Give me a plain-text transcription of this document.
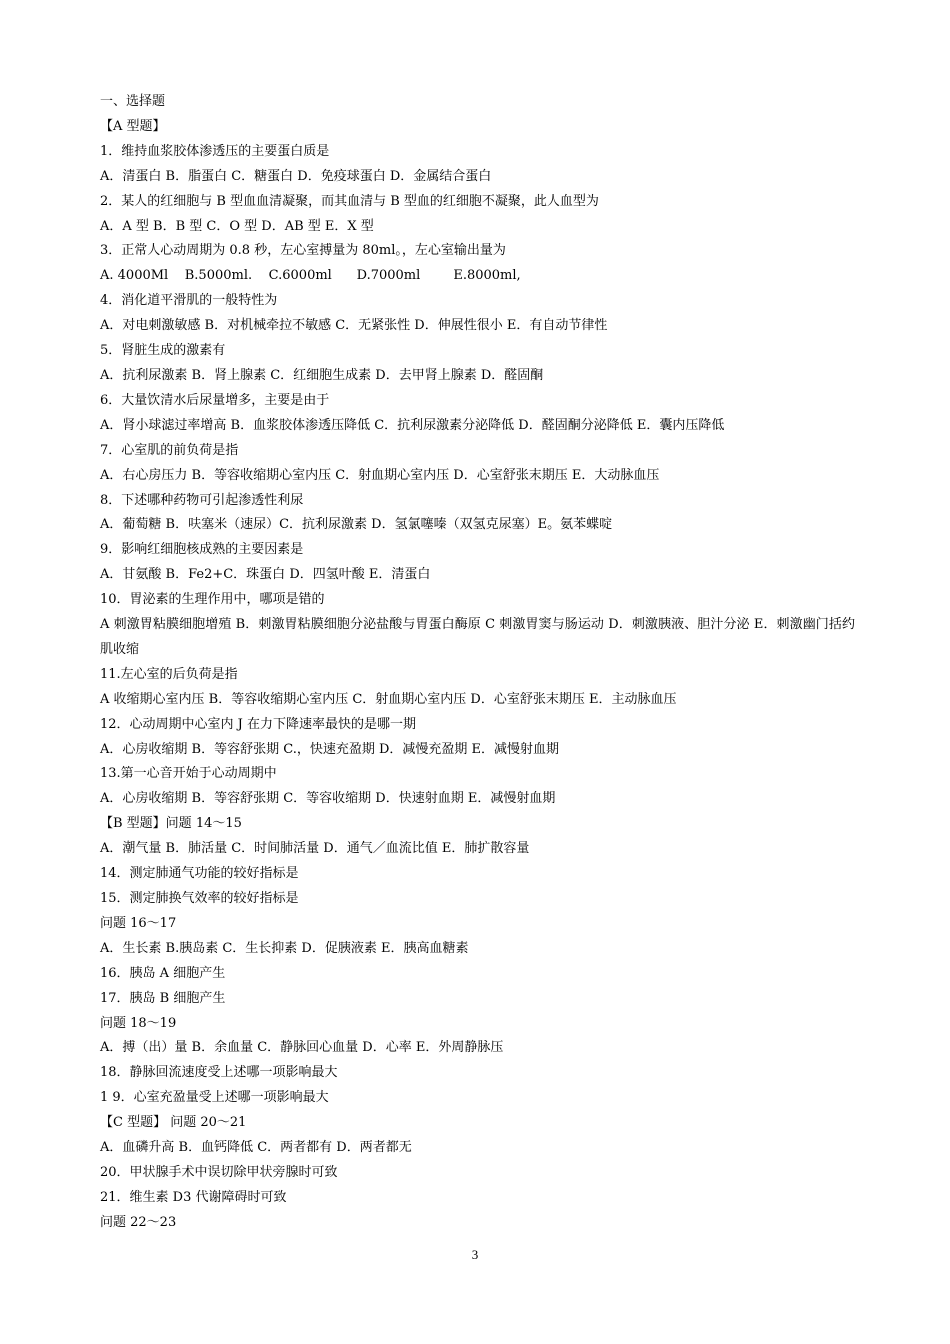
一、选择题
【A 型题】
1．维持血浆胶体渗透压的主要蛋白质是
A．清蛋白 B．脂蛋白 C．糖蛋白 D．免疫球蛋白 D．金属结合蛋白
2．某人的红细胞与 B 型血血清凝聚，而其血清与 B 型血的红细胞不凝聚，此人血型为
A．A 型 B．B 型 C．O 型 D．AB 型 E．X 型
3．正常人心动周期为 0.8 秒，左心室搏量为 80ml。，左心室输出量为
A. 4000Ml    B.5000ml.    C.6000ml      D.7000ml        E.8000ml,
4．消化道平滑肌的一般特性为
A．对电刺激敏感 B．对机械牵拉不敏感 C．无紧张性 D．伸展性很小 E．有自动节律性
5．肾脏生成的激素有
A．抗利尿激素 B．肾上腺素 C．红细胞生成素 D．去甲肾上腺素 D．醛固酮
6．大量饮清水后尿量增多，主要是由于
A．肾小球滤过率增高 B．血浆胶体渗透压降低 C．抗利尿激素分泌降低 D．醛固酮分泌降低 E．囊内压降低
7．心室肌的前负荷是指
A．右心房压力 B．等容收缩期心室内压 C．射血期心室内压 D．心室舒张末期压 E．大动脉血压
8．下述哪种药物可引起渗透性利尿
A．葡萄糖 B．呋塞米（速尿）C．抗利尿激素 D．氢氯噻嗪（双氢克尿塞）E。氨苯蝶啶
9．影响红细胞核成熟的主要因素是
A．甘氨酸 B．Fe2+C．珠蛋白 D．四氢叶酸 E．清蛋白
10．胃泌素的生理作用中，哪项是错的
A 刺激胃粘膜细胞增殖 B．刺激胃粘膜细胞分泌盐酸与胃蛋白酶原 C 刺激胃窦与肠运动 D．刺激胰液、胆汁分泌 E．刺激幽门括约肌收缩
11.左心室的后负荷是指
A 收缩期心室内压 B．等容收缩期心室内压 C．射血期心室内压 D．心室舒张末期压 E．主动脉血压
12．心动周期中心室内 J 在力下降速率最快的是哪一期
A．心房收缩期 B．等容舒张期 C.，快速充盈期 D．减慢充盈期 E．减慢射血期
13.第一心音开始于心动周期中
A．心房收缩期 B．等容舒张期 C．等容收缩期 D．快速射血期 E．减慢射血期
【B 型题】问题 14～15
A．潮气量 B．肺活量 C．时间肺活量 D．通气／血流比值 E．肺扩散容量
14．测定肺通气功能的较好指标是
15．测定肺换气效率的较好指标是
问题 16～17
A．生长素 B.胰岛素 C．生长抑素 D．促胰液素 E．胰高血糖素
16．胰岛 A 细胞产生
17．胰岛 B 细胞产生
问题 18～19
A．搏（出）量 B．余血量 C．静脉回心血量 D．心率 E．外周静脉压
18．静脉回流速度受上述哪一项影响最大
1 9．心室充盈量受上述哪一项影响最大
【C 型题】 问题 20～21
A．血磷升高 B．血钙降低 C．两者都有 D．两者都无
20．甲状腺手术中误切除甲状旁腺时可致
21．维生素 D3 代谢障碍时可致
问题 22～23
3
